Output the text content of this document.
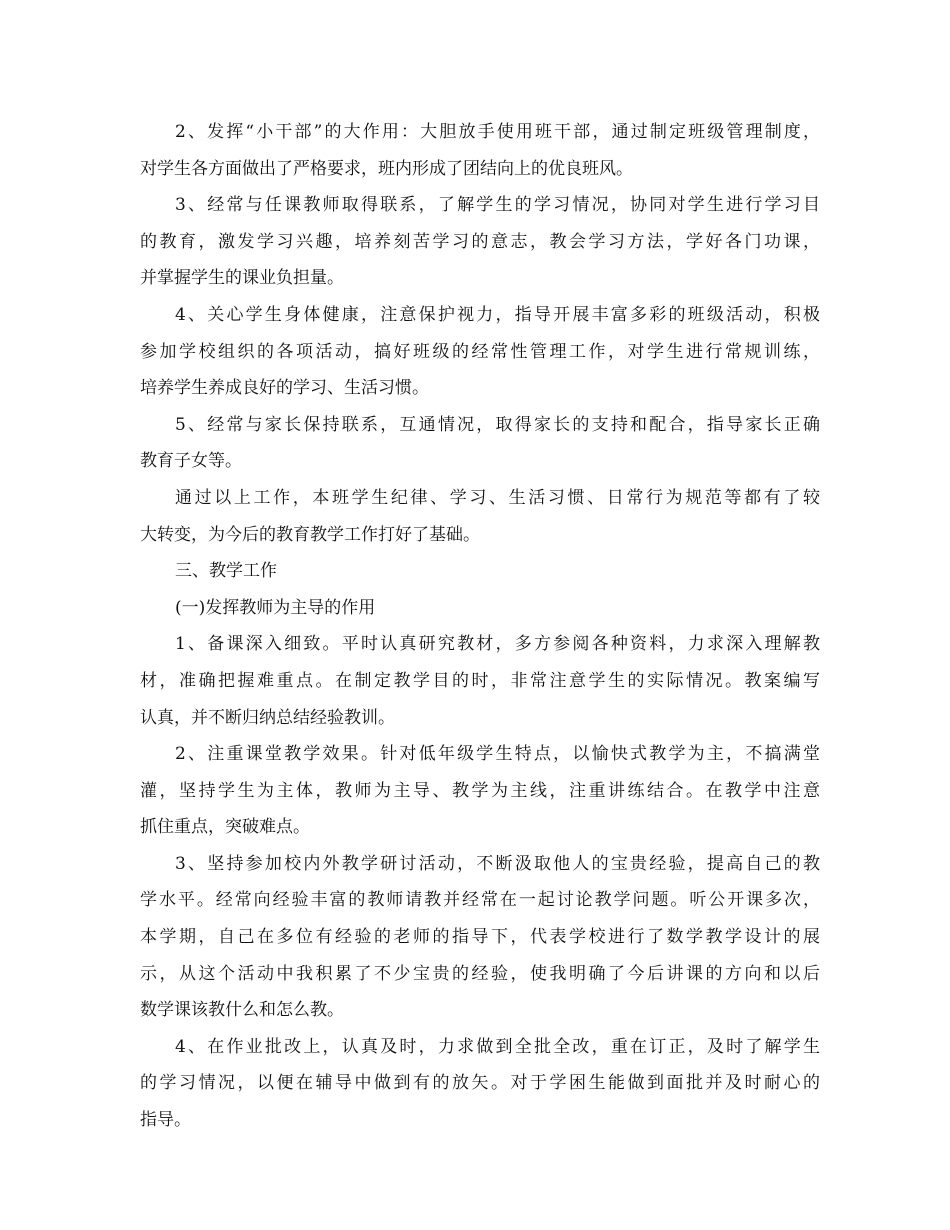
2、发挥“小干部”的大作用：大胆放手使用班干部，通过制定班级管理制度，
对学生各方面做出了严格要求，班内形成了团结向上的优良班风。
3、经常与任课教师取得联系，了解学生的学习情况，协同对学生进行学习目
的教育，激发学习兴趣，培养刻苦学习的意志，教会学习方法，学好各门功课，
并掌握学生的课业负担量。
4、关心学生身体健康，注意保护视力，指导开展丰富多彩的班级活动，积极
参加学校组织的各项活动，搞好班级的经常性管理工作，对学生进行常规训练，
培养学生养成良好的学习、生活习惯。
5、经常与家长保持联系，互通情况，取得家长的支持和配合，指导家长正确
教育子女等。
通过以上工作，本班学生纪律、学习、生活习惯、日常行为规范等都有了较
大转变，为今后的教育教学工作打好了基础。
三、教学工作
(一)发挥教师为主导的作用
1、备课深入细致。平时认真研究教材，多方参阅各种资料，力求深入理解教
材，准确把握难重点。在制定教学目的时，非常注意学生的实际情况。教案编写
认真，并不断归纳总结经验教训。
2、注重课堂教学效果。针对低年级学生特点，以愉快式教学为主，不搞满堂
灌，坚持学生为主体，教师为主导、教学为主线，注重讲练结合。在教学中注意
抓住重点，突破难点。
3、坚持参加校内外教学研讨活动，不断汲取他人的宝贵经验，提高自己的教
学水平。经常向经验丰富的教师请教并经常在一起讨论教学问题。听公开课多次，
本学期，自己在多位有经验的老师的指导下，代表学校进行了数学教学设计的展
示，从这个活动中我积累了不少宝贵的经验，使我明确了今后讲课的方向和以后
数学课该教什么和怎么教。
4、在作业批改上，认真及时，力求做到全批全改，重在订正，及时了解学生
的学习情况，以便在辅导中做到有的放矢。对于学困生能做到面批并及时耐心的
指导。
